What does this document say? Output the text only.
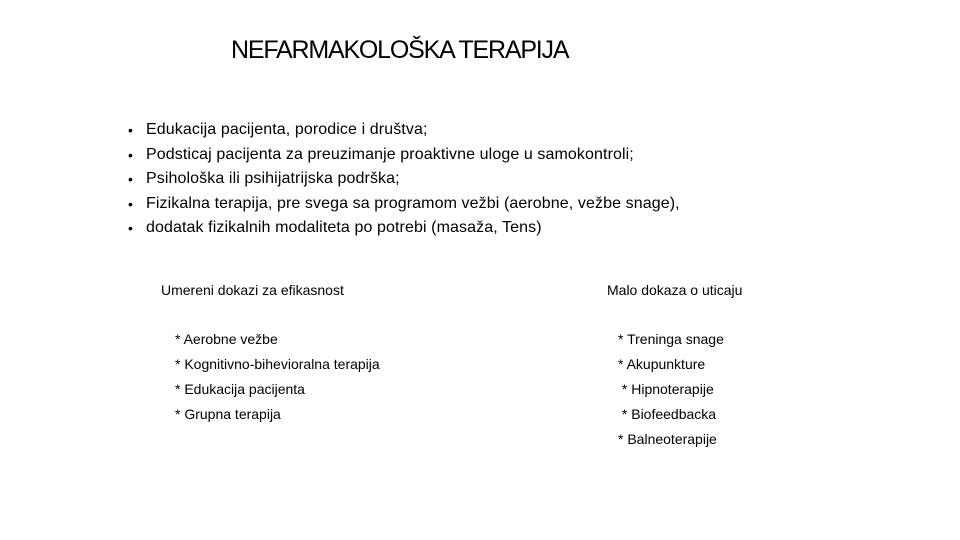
NEFARMAKOLOŠKA TERAPIJA
• Edukacija pacijenta, porodice i društva;
• Podsticaj pacijenta za preuzimanje proaktivne uloge u samokontroli;
• Psihološka ili psihijatrijska podrška;
• Fizikalna terapija, pre svega sa programom vežbi (aerobne, vežbe snage),
• dodatak fizikalnih modaliteta po potrebi (masaža, Tens)
Umereni dokazi za efikasnost
* Aerobne vežbe
* Kognitivno-bihevioralna terapija
* Edukacija pacijenta
* Grupna terapija
Malo dokaza o uticaju
* Treninga snage
* Akupunkture
* Hipnoterapije
* Biofeedbacka
* Balneoterapije
